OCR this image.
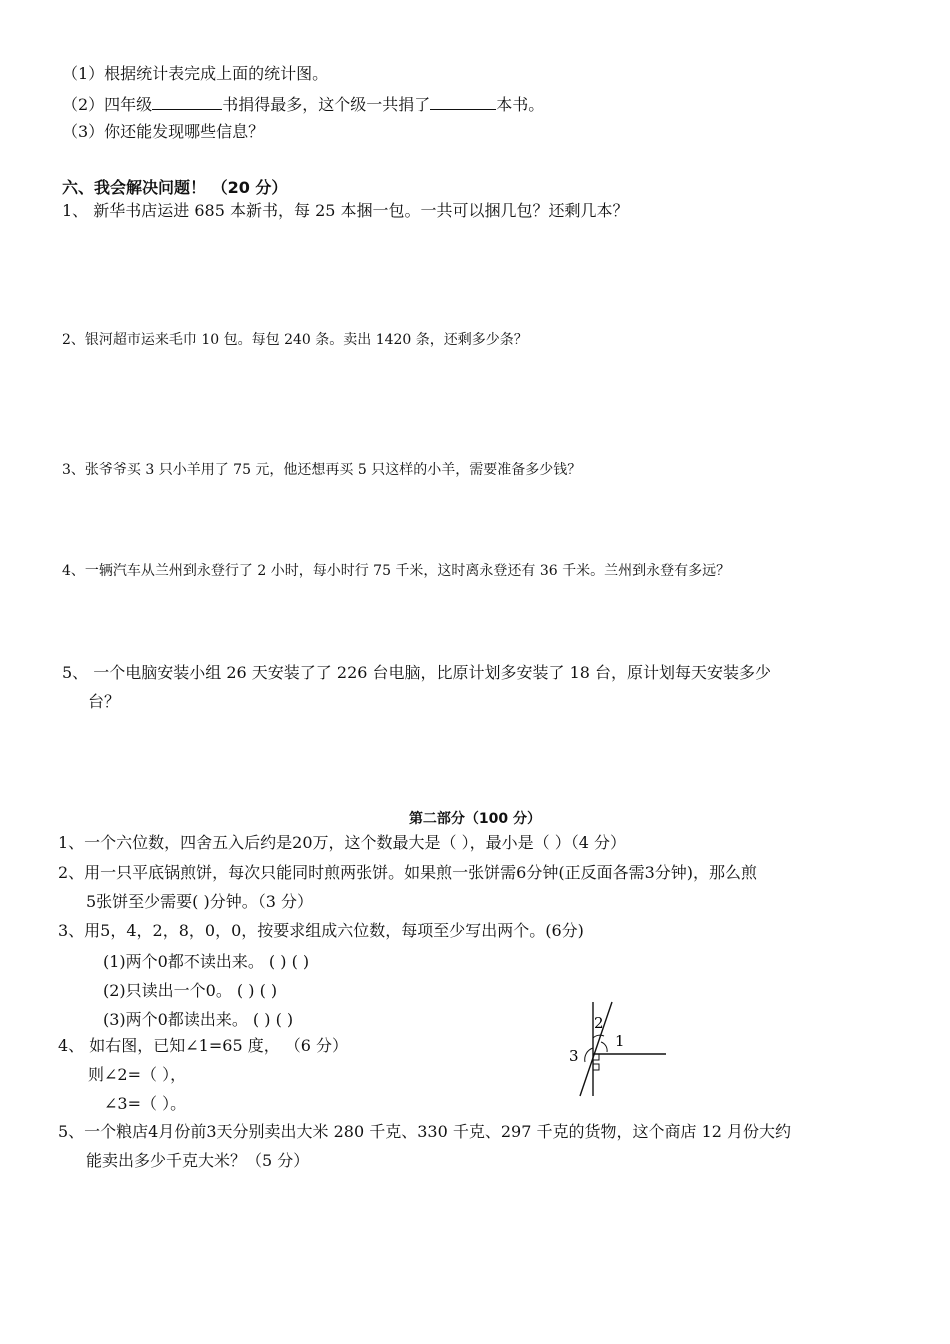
（1）根据统计表完成上面的统计图。
（2）四年级	书捐得最多，这个级一共捐了	本书。
（3）你还能发现哪些信息？
六、我会解决问题！ （20 分）
1、 新华书店运进 685 本新书，每 25 本捆一包。一共可以捆几包？还剩几本？
2、银河超市运来毛巾 10 包。每包 240 条。卖出 1420 条，还剩多少条？
3、张爷爷买 3 只小羊用了 75 元，他还想再买 5 只这样的小羊，需要准备多少钱？
4、一辆汽车从兰州到永登行了 2 小时，每小时行 75 千米，这时离永登还有 36 千米。兰州到永登有多远？
5、 一个电脑安装小组 26 天安装了了 226 台电脑，比原计划多安装了 18 台，原计划每天安装多少
台？
第二部分（100 分）
1、一个六位数，四舍五入后约是20万，这个数最大是（ ），最小是（ ）（4 分）
2、用一只平底锅煎饼，每次只能同时煎两张饼。如果煎一张饼需6分钟(正反面各需3分钟)，那么煎
5张饼至少需要( )分钟。（3 分）
3、用5，4，2，8，0，0，按要求组成六位数，每项至少写出两个。(6分)
(1)两个0都不读出来。 ( ) ( )
(2)只读出一个0。 ( ) ( )
(3)两个0都读出来。 ( ) ( )
4、 如右图，已知∠1=65 度， （6 分）
则∠2=（ ），
∠3=（ ）。
1
2
3
5、一个粮店4月份前3天分别卖出大米 280 千克、330 千克、297 千克的货物，这个商店 12 月份大约
能卖出多少千克大米？（5 分）
